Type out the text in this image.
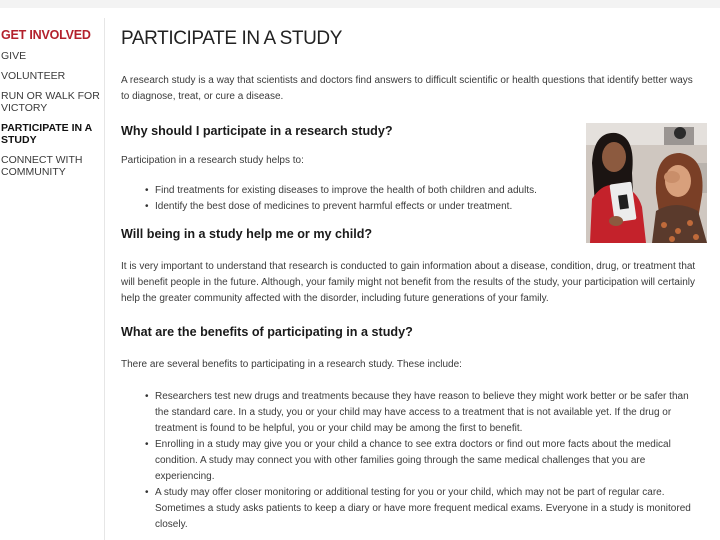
GET INVOLVED
GIVE
VOLUNTEER
RUN OR WALK FOR VICTORY
PARTICIPATE IN A STUDY
CONNECT WITH COMMUNITY
PARTICIPATE IN A STUDY

A research study is a way that scientists and doctors find answers to difficult scientific or health questions that identify better ways to diagnose, treat, or cure a disease.

Why should I participate in a research study?

Participation in a research study helps to:

• Find treatments for existing diseases to improve the health of both children and adults.
• Identify the best dose of medicines to prevent harmful effects or under treatment.
Will being in a study help me or my child?

It is very important to understand that research is conducted to gain information about a disease, condition, drug, or treatment that will benefit people in the future. Although, your family might not benefit from the results of the study, your participation will certainly help the greater community affected with the disorder, including future generations of your family.

What are the benefits of participating in a study?

There are several benefits to participating in a research study. These include:

• Researchers test new drugs and treatments because they have reason to believe they might work better or be safer than the standard care. In a study, you or your child may have access to a treatment that is not available yet. If the drug or treatment is found to be helpful, you or your child may be among the first to benefit.
• Enrolling in a study may give you or your child a chance to see extra doctors or find out more facts about the medical condition. A study may connect you with other families going through the same medical challenges that you are experiencing.
• A study may offer closer monitoring or additional testing for you or your child, which may not be part of regular care. Sometimes a study asks patients to keep a diary or have more frequent medical exams. Everyone in a study is monitored closely.
